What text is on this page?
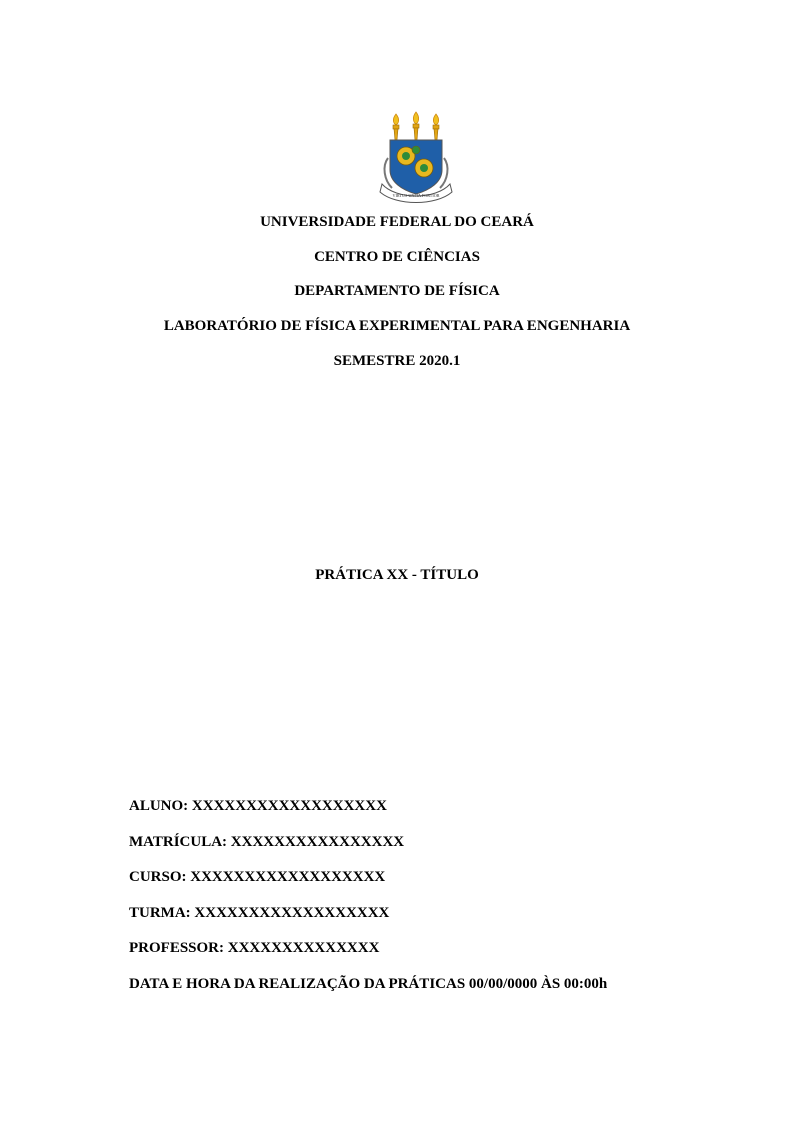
VIRTUS UNITA FORTIOR
UNIVERSIDADE FEDERAL DO CEARÁ
CENTRO DE CIÊNCIAS
DEPARTAMENTO DE FÍSICA
LABORATÓRIO DE FÍSICA EXPERIMENTAL PARA ENGENHARIA
SEMESTRE 2020.1
PRÁTICA XX - TÍTULO
ALUNO: XXXXXXXXXXXXXXXXXX
MATRÍCULA: XXXXXXXXXXXXXXXX
CURSO: XXXXXXXXXXXXXXXXXX
TURMA: XXXXXXXXXXXXXXXXXX
PROFESSOR: XXXXXXXXXXXXXX
DATA E HORA DA REALIZAÇÃO DA PRÁTICAS 00/00/0000 ÀS 00:00h
